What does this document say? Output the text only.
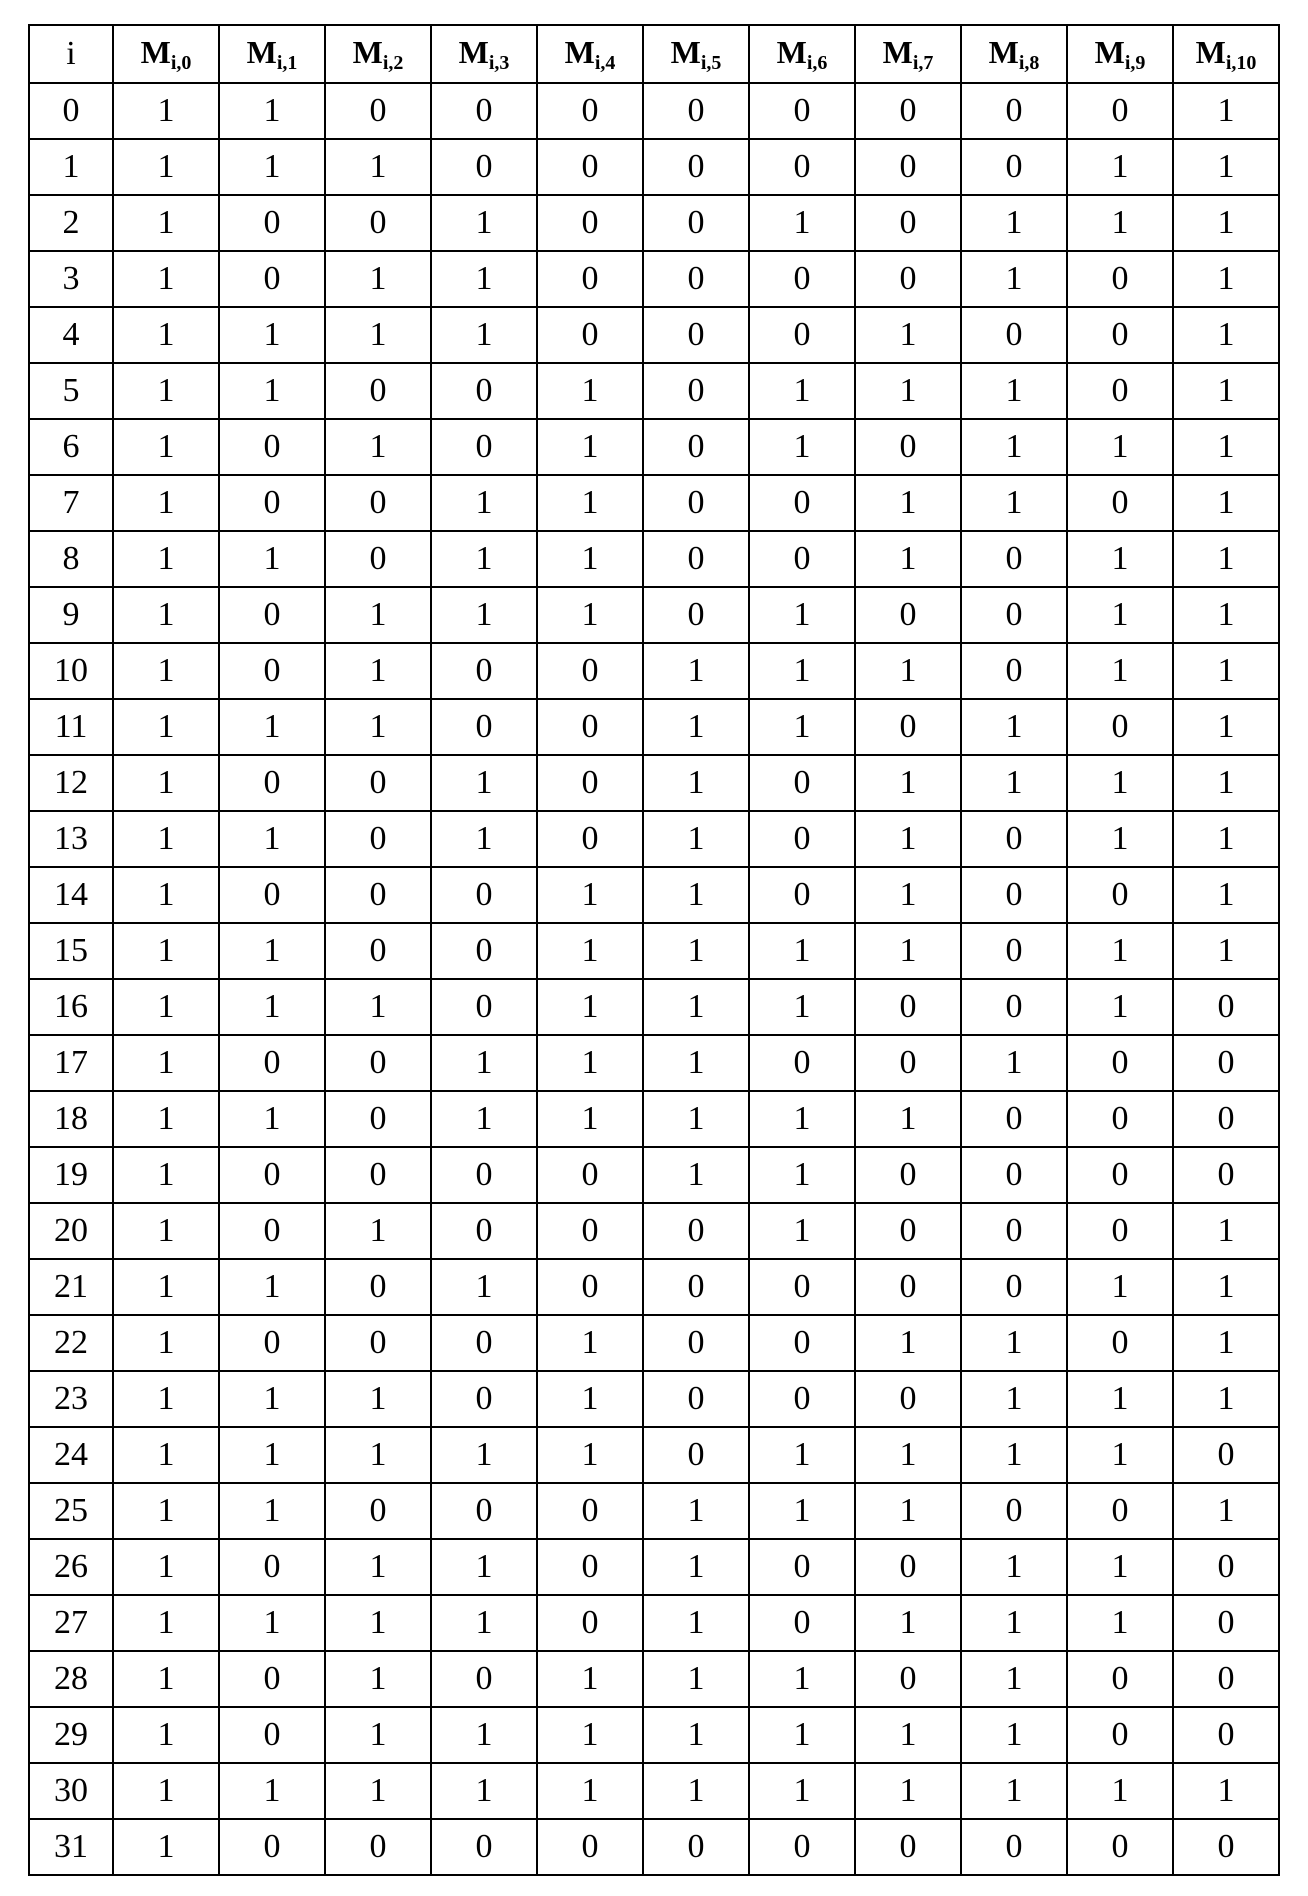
i	Mi,0	Mi,1	Mi,2	Mi,3	Mi,4	Mi,5	Mi,6	Mi,7	Mi,8	Mi,9	Mi,10
0	1	1	0	0	0	0	0	0	0	0	1
1	1	1	1	0	0	0	0	0	0	1	1
2	1	0	0	1	0	0	1	0	1	1	1
3	1	0	1	1	0	0	0	0	1	0	1
4	1	1	1	1	0	0	0	1	0	0	1
5	1	1	0	0	1	0	1	1	1	0	1
6	1	0	1	0	1	0	1	0	1	1	1
7	1	0	0	1	1	0	0	1	1	0	1
8	1	1	0	1	1	0	0	1	0	1	1
9	1	0	1	1	1	0	1	0	0	1	1
10	1	0	1	0	0	1	1	1	0	1	1
11	1	1	1	0	0	1	1	0	1	0	1
12	1	0	0	1	0	1	0	1	1	1	1
13	1	1	0	1	0	1	0	1	0	1	1
14	1	0	0	0	1	1	0	1	0	0	1
15	1	1	0	0	1	1	1	1	0	1	1
16	1	1	1	0	1	1	1	0	0	1	0
17	1	0	0	1	1	1	0	0	1	0	0
18	1	1	0	1	1	1	1	1	0	0	0
19	1	0	0	0	0	1	1	0	0	0	0
20	1	0	1	0	0	0	1	0	0	0	1
21	1	1	0	1	0	0	0	0	0	1	1
22	1	0	0	0	1	0	0	1	1	0	1
23	1	1	1	0	1	0	0	0	1	1	1
24	1	1	1	1	1	0	1	1	1	1	0
25	1	1	0	0	0	1	1	1	0	0	1
26	1	0	1	1	0	1	0	0	1	1	0
27	1	1	1	1	0	1	0	1	1	1	0
28	1	0	1	0	1	1	1	0	1	0	0
29	1	0	1	1	1	1	1	1	1	0	0
30	1	1	1	1	1	1	1	1	1	1	1
31	1	0	0	0	0	0	0	0	0	0	0
